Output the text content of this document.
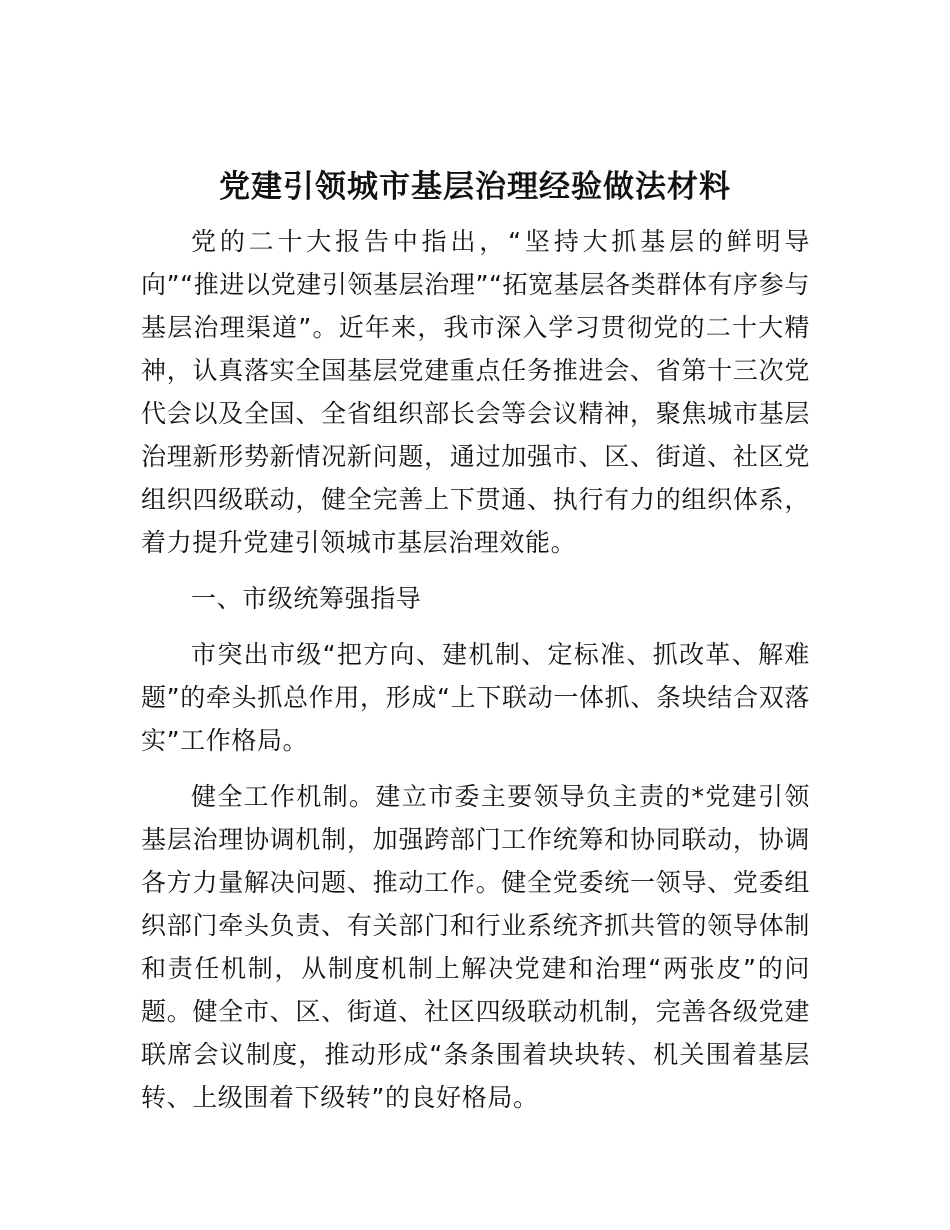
党建引领城市基层治理经验做法材料

党的二十大报告中指出，“坚持大抓基层的鲜明导向”“推进以党建引领基层治理”“拓宽基层各类群体有序参与基层治理渠道”。近年来，我市深入学习贯彻党的二十大精神，认真落实全国基层党建重点任务推进会、省第十三次党代会以及全国、全省组织部长会等会议精神，聚焦城市基层治理新形势新情况新问题，通过加强市、区、街道、社区党组织四级联动，健全完善上下贯通、执行有力的组织体系，着力提升党建引领城市基层治理效能。

一、市级统筹强指导

市突出市级“把方向、建机制、定标准、抓改革、解难题”的牵头抓总作用，形成“上下联动一体抓、条块结合双落实”工作格局。

健全工作机制。建立市委主要领导负主责的*党建引领基层治理协调机制，加强跨部门工作统筹和协同联动，协调各方力量解决问题、推动工作。健全党委统一领导、党委组织部门牵头负责、有关部门和行业系统齐抓共管的领导体制和责任机制，从制度机制上解决党建和治理“两张皮”的问题。健全市、区、街道、社区四级联动机制，完善各级党建联席会议制度，推动形成“条条围着块块转、机关围着基层转、上级围着下级转”的良好格局。
